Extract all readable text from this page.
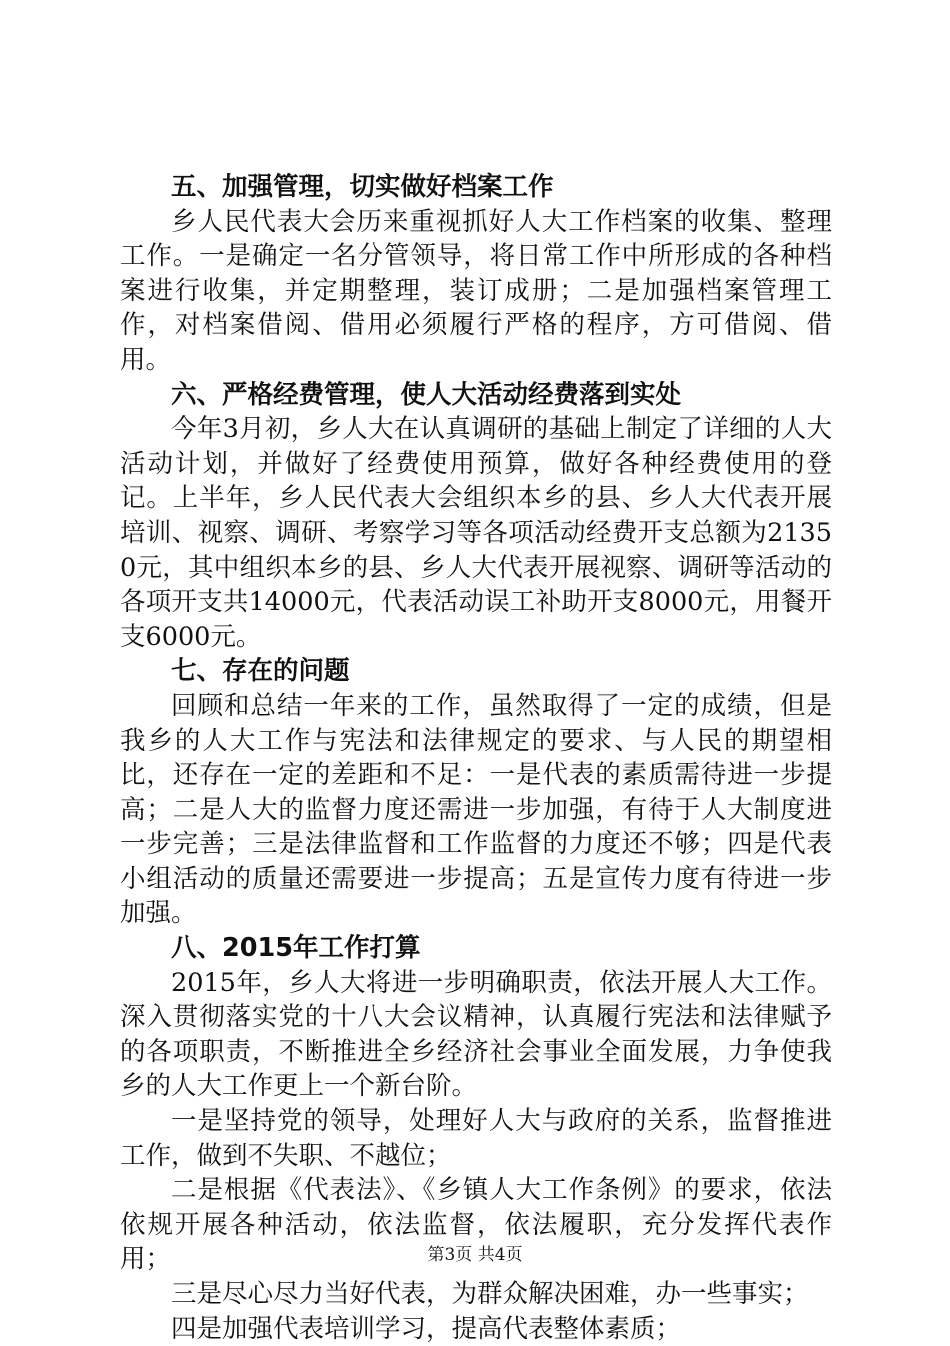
五、加强管理，切实做好档案工作

乡人民代表大会历来重视抓好人大工作档案的收集、整理工作。一是确定一名分管领导，将日常工作中所形成的各种档案进行收集，并定期整理，装订成册；二是加强档案管理工作，对档案借阅、借用必须履行严格的程序，方可借阅、借用。

六、严格经费管理，使人大活动经费落到实处

今年3月初，乡人大在认真调研的基础上制定了详细的人大活动计划，并做好了经费使用预算，做好各种经费使用的登记。上半年，乡人民代表大会组织本乡的县、乡人大代表开展培训、视察、调研、考察学习等各项活动经费开支总额为21350元，其中组织本乡的县、乡人大代表开展视察、调研等活动的各项开支共14000元，代表活动误工补助开支8000元，用餐开支6000元。

七、存在的问题

回顾和总结一年来的工作，虽然取得了一定的成绩，但是我乡的人大工作与宪法和法律规定的要求、与人民的期望相比，还存在一定的差距和不足：一是代表的素质需待进一步提高；二是人大的监督力度还需进一步加强，有待于人大制度进一步完善；三是法律监督和工作监督的力度还不够；四是代表小组活动的质量还需要进一步提高；五是宣传力度有待进一步加强。

八、2015年工作打算

2015年，乡人大将进一步明确职责，依法开展人大工作。深入贯彻落实党的十八大会议精神，认真履行宪法和法律赋予的各项职责，不断推进全乡经济社会事业全面发展，力争使我乡的人大工作更上一个新台阶。

一是坚持党的领导，处理好人大与政府的关系，监督推进工作，做到不失职、不越位；

二是根据《代表法》、《乡镇人大工作条例》的要求，依法依规开展各种活动，依法监督，依法履职，充分发挥代表作用；

三是尽心尽力当好代表，为群众解决困难，办一些事实；

四是加强代表培训学习，提高代表整体素质；

第3页 共4页
